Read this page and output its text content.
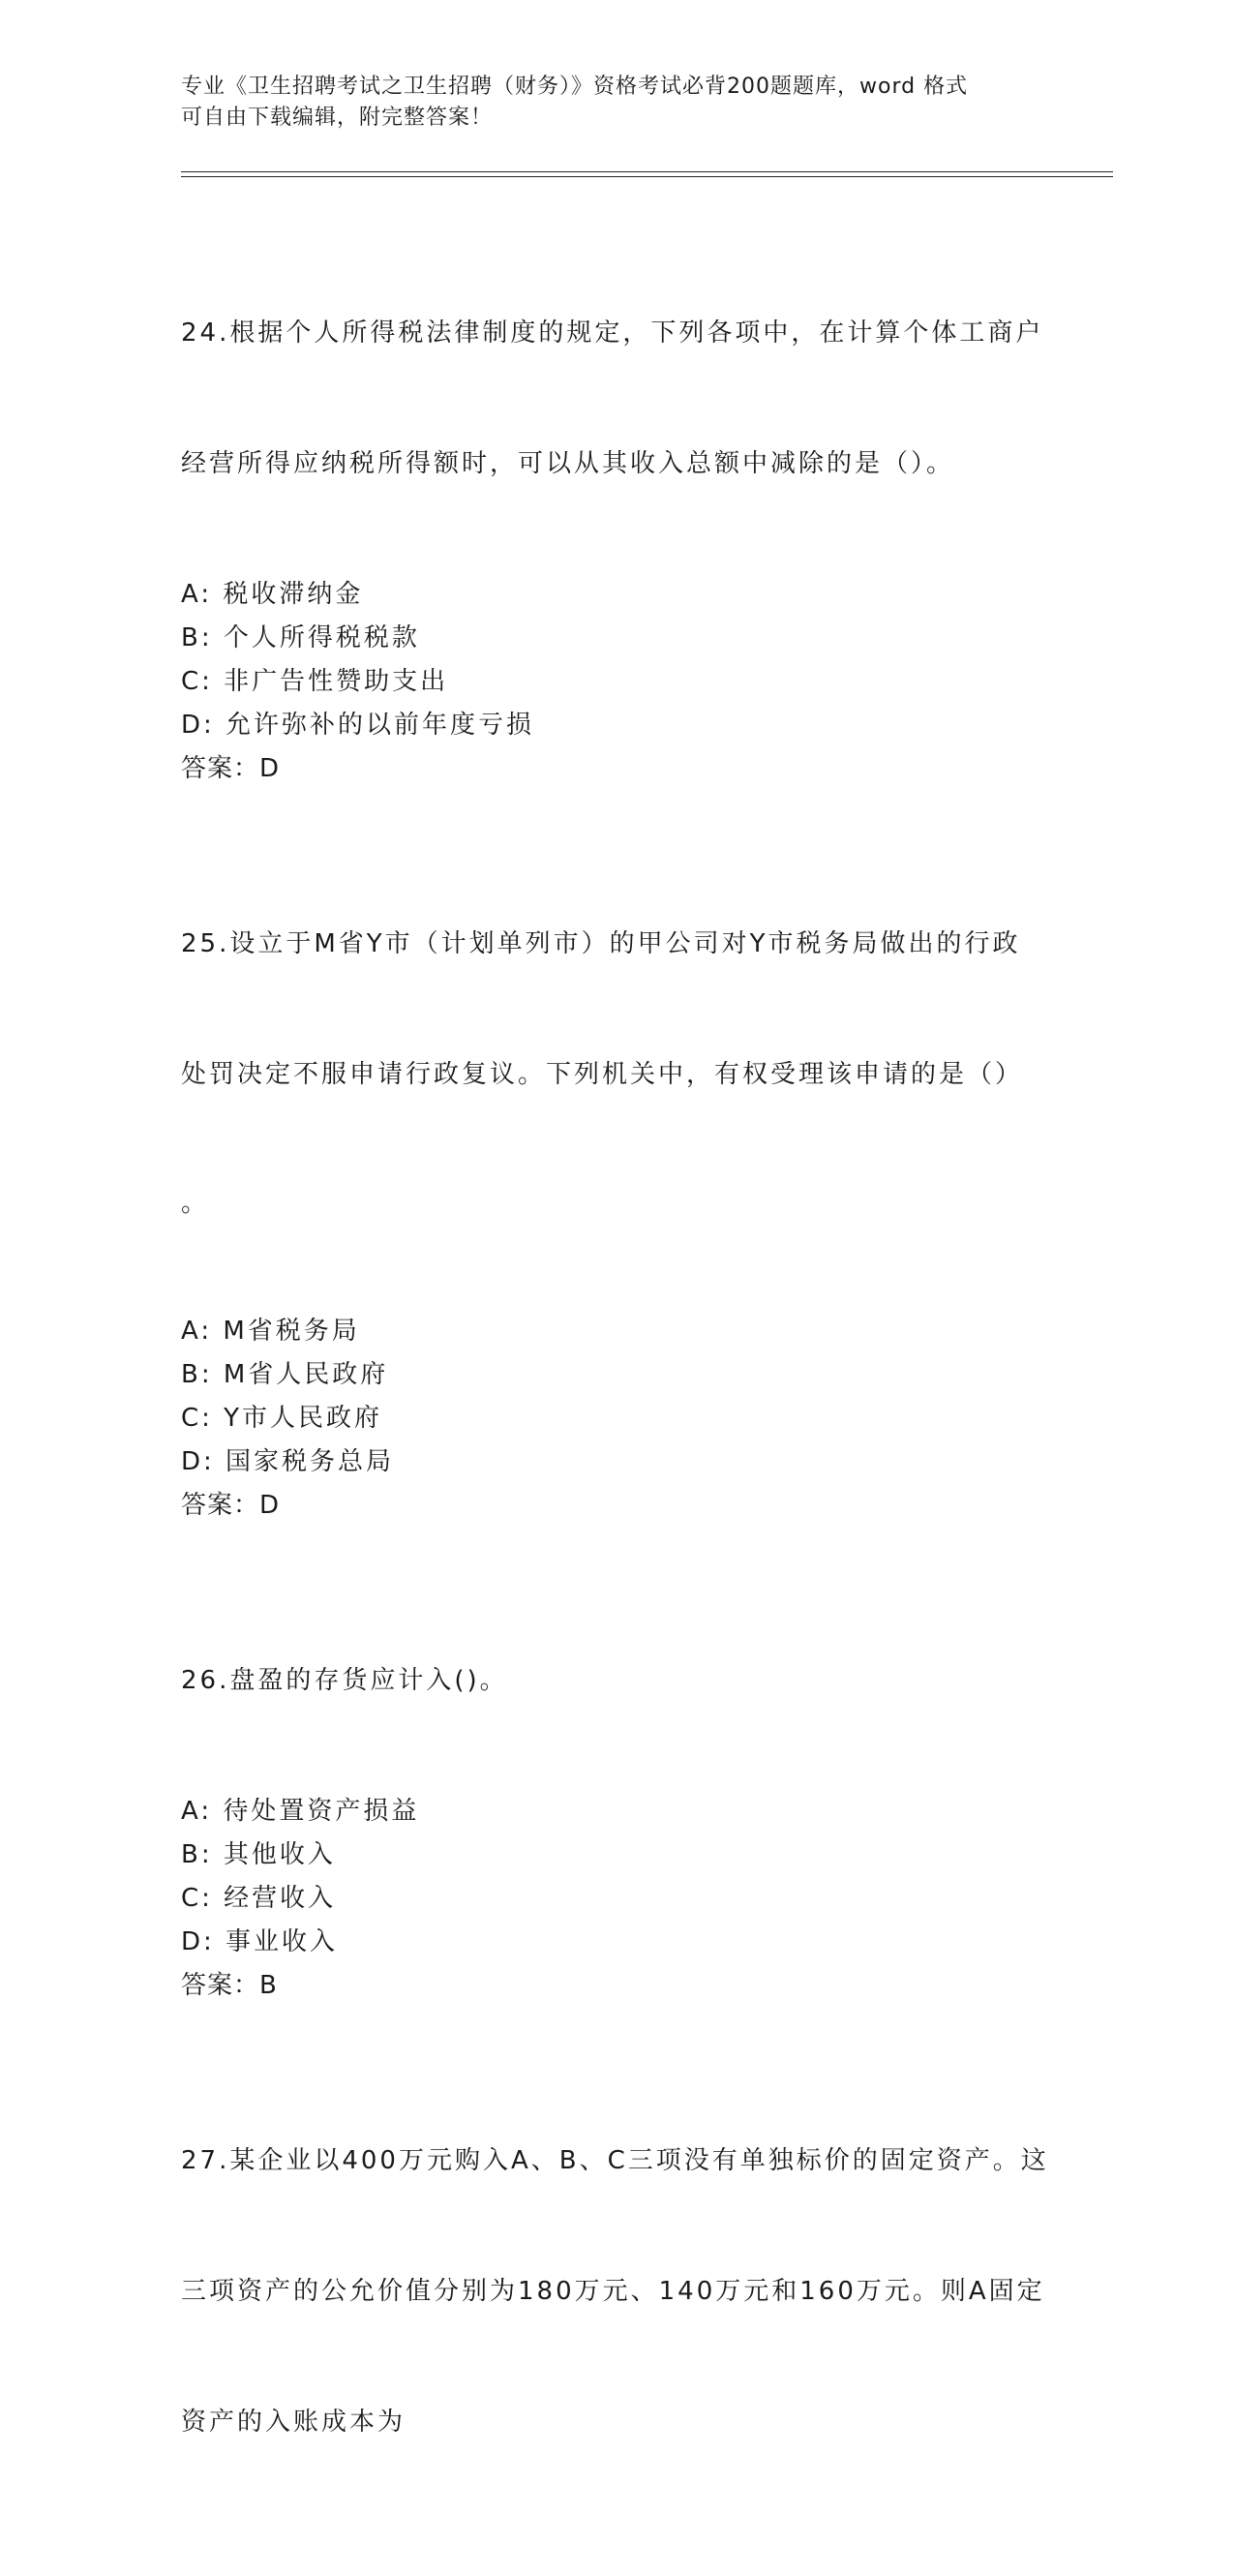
专业《卫生招聘考试之卫生招聘（财务）》资格考试必背200题题库，word 格式
可自由下载编辑，附完整答案！

24.根据个人所得税法律制度的规定，下列各项中，在计算个体工商户

经营所得应纳税所得额时，可以从其收入总额中减除的是（）。

A: 税收滞纳金
B: 个人所得税税款
C: 非广告性赞助支出
D: 允许弥补的以前年度亏损
答案：D

25.设立于M省Y市（计划单列市）的甲公司对Y市税务局做出的行政

处罚决定不服申请行政复议。下列机关中，有权受理该申请的是（）

。

A: M省税务局
B: M省人民政府
C: Y市人民政府
D: 国家税务总局
答案：D

26.盘盈的存货应计入()。

A: 待处置资产损益
B: 其他收入
C: 经营收入
D: 事业收入
答案：B

27.某企业以400万元购入A、B、C三项没有单独标价的固定资产。这

三项资产的公允价值分别为180万元、140万元和160万元。则A固定

资产的入账成本为
